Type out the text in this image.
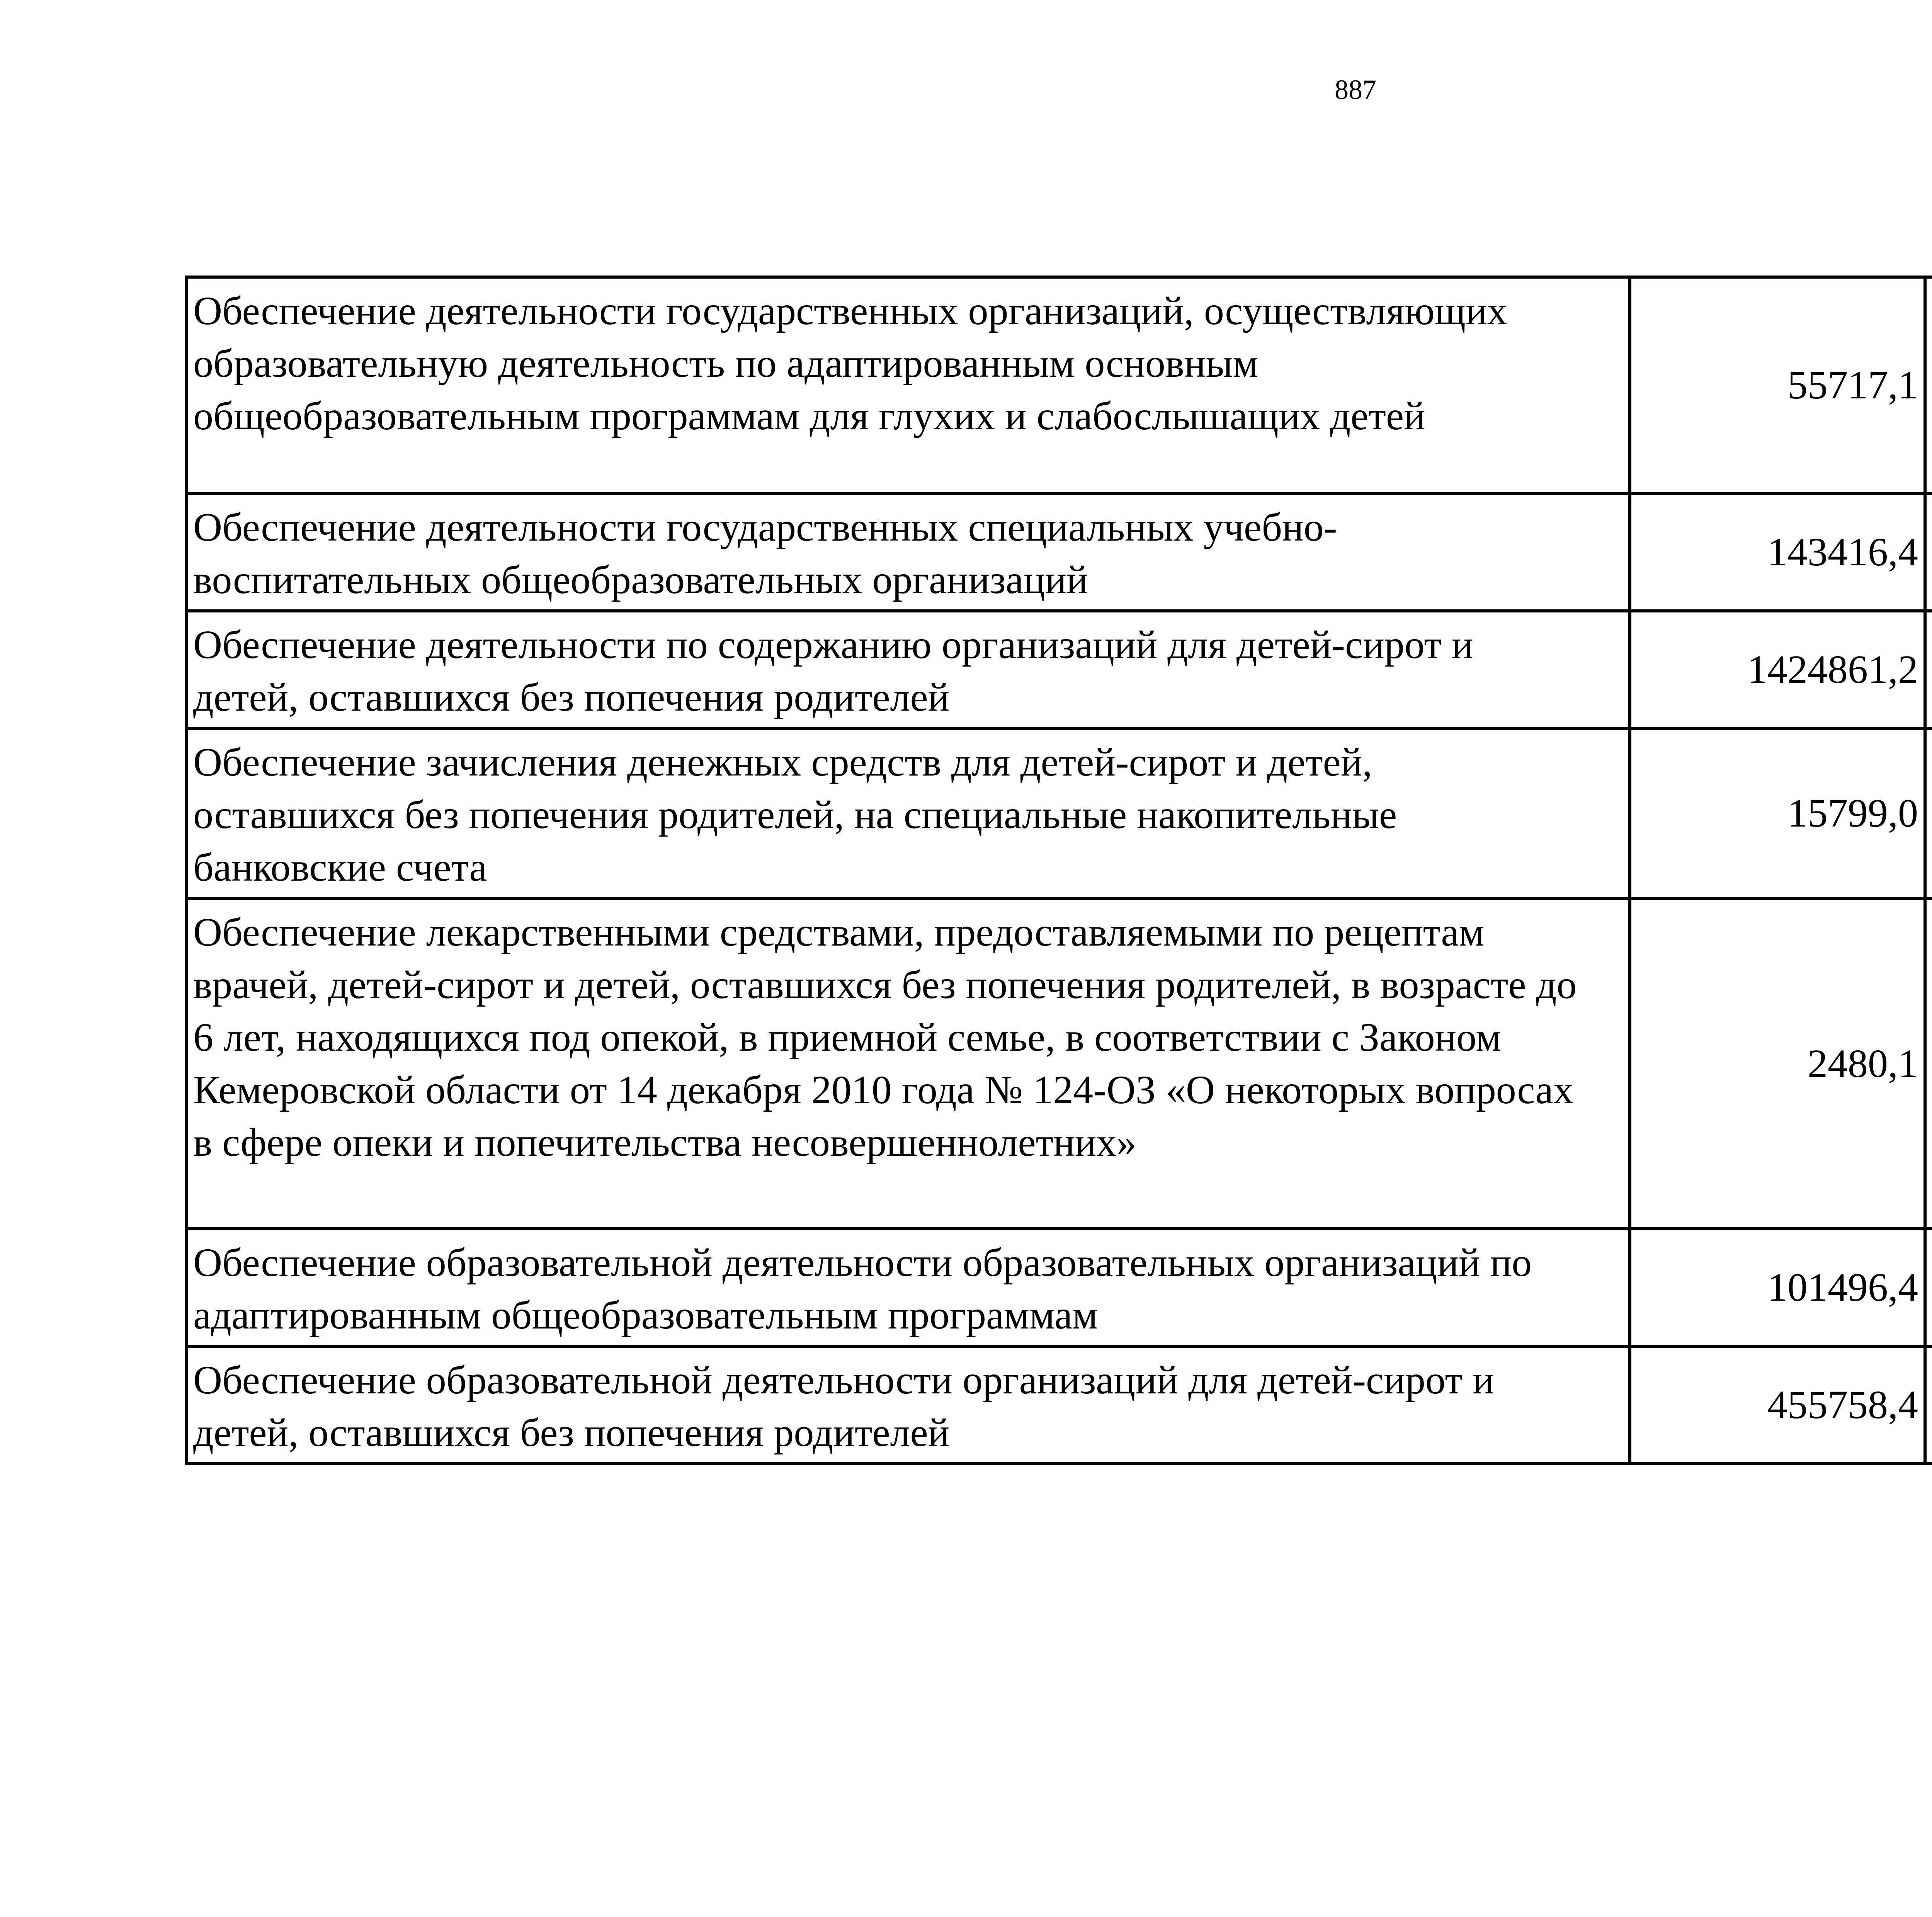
887
Обеспечение деятельности государственных организаций, осуществляющих образовательную деятельность по адаптированным основным общеобразовательным программам для глухих и слабослышащих детей	55717,1		

Обеспечение деятельности государственных специальных учебно-воспитательных общеобразовательных организаций	143416,4		

Обеспечение деятельности по содержанию организаций для детей-сирот и детей, оставшихся без попечения родителей	1424861,2		

Обеспечение зачисления денежных средств для детей-сирот и детей, оставшихся без попечения родителей, на специальные накопительные банковские счета	15799,0		

Обеспечение лекарственными средствами, предоставляемыми по рецептам врачей, детей-сирот и детей, оставшихся без попечения родителей, в возрасте до 6 лет, находящихся под опекой, в приемной семье, в соответствии с Законом Кемеровской области от 14 декабря 2010 года № 124-ОЗ «О некоторых вопросах в сфере опеки и попечительства несовершеннолетних»	2480,1		

Обеспечение образовательной деятельности образовательных организаций по адаптированным общеобразовательным программам	101496,4		

Обеспечение образовательной деятельности организаций для детей-сирот и детей, оставшихся без попечения родителей	455758,4		
